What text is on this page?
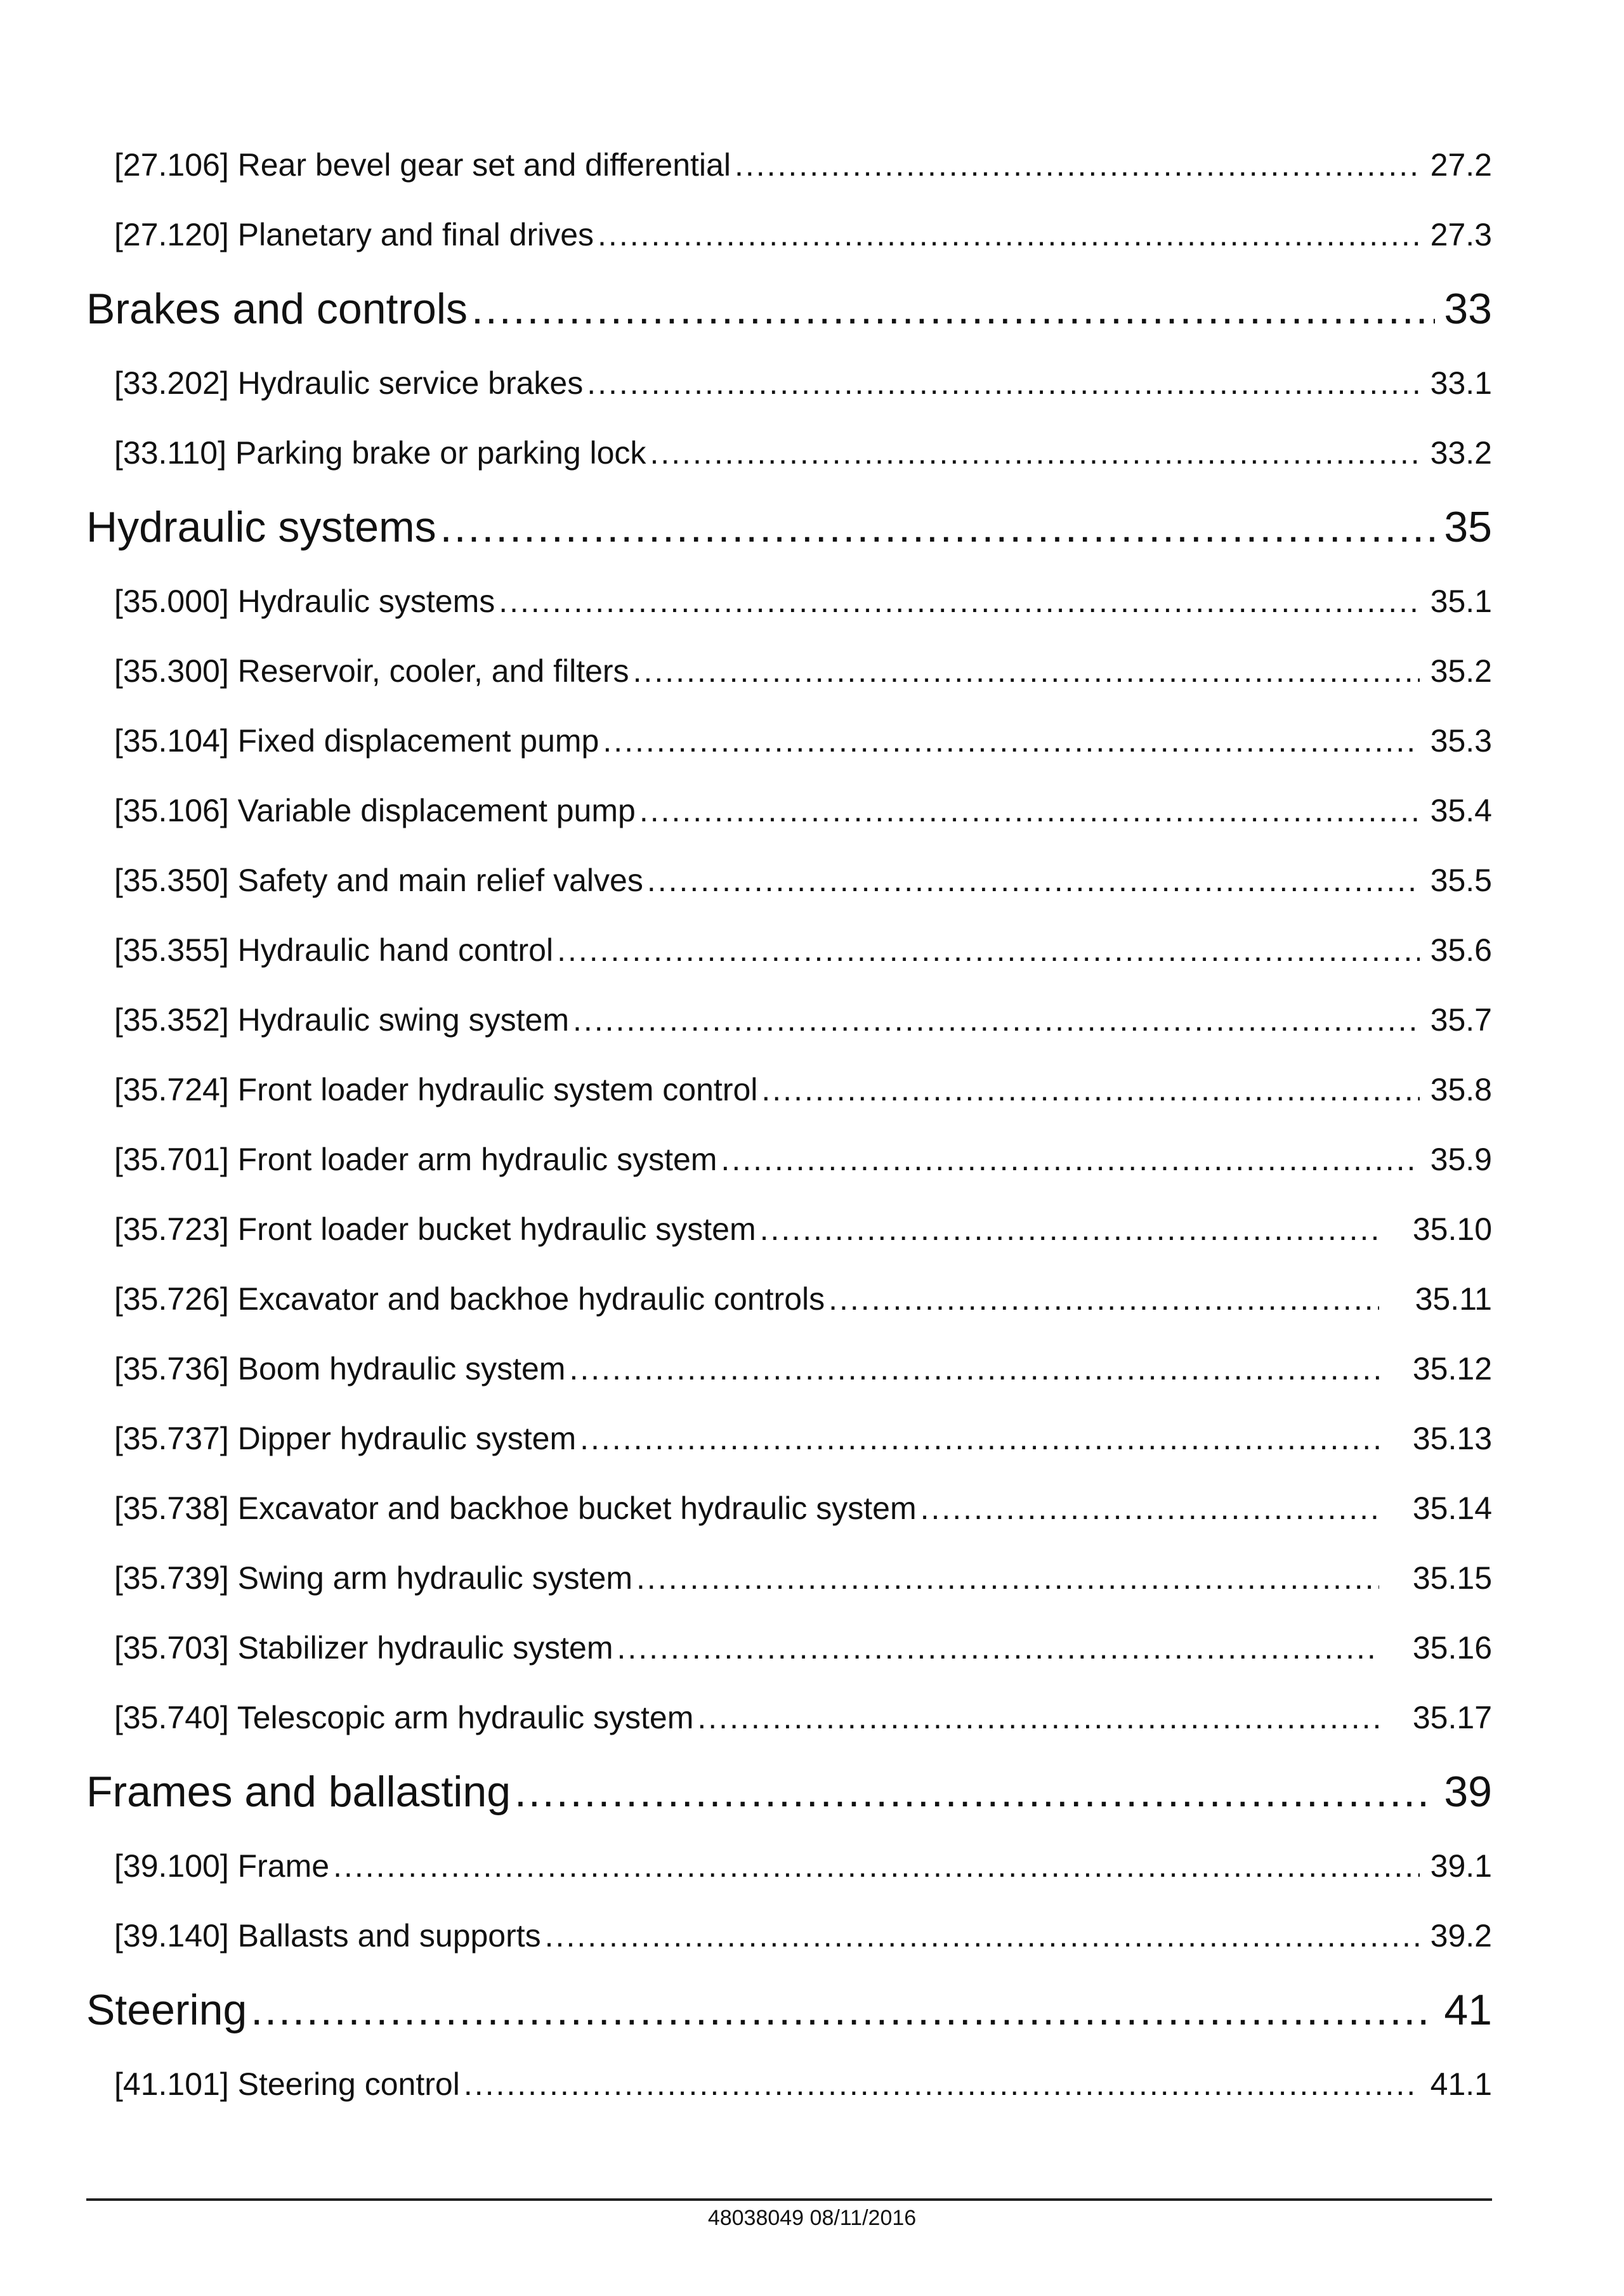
[27.106] Rear bevel gear set and differential .....	27.2
[27.120] Planetary and final drives .....	27.3
Brakes and controls .....	33
[33.202] Hydraulic service brakes .....	33.1
[33.110] Parking brake or parking lock .....	33.2
Hydraulic systems .....	35
[35.000] Hydraulic systems .....	35.1
[35.300] Reservoir, cooler, and filters .....	35.2
[35.104] Fixed displacement pump .....	35.3
[35.106] Variable displacement pump .....	35.4
[35.350] Safety and main relief valves .....	35.5
[35.355] Hydraulic hand control .....	35.6
[35.352] Hydraulic swing system .....	35.7
[35.724] Front loader hydraulic system control .....	35.8
[35.701] Front loader arm hydraulic system .....	35.9
[35.723] Front loader bucket hydraulic system .....	35.10
[35.726] Excavator and backhoe hydraulic controls .....	35.11
[35.736] Boom hydraulic system .....	35.12
[35.737] Dipper hydraulic system .....	35.13
[35.738] Excavator and backhoe bucket hydraulic system .....	35.14
[35.739] Swing arm hydraulic system .....	35.15
[35.703] Stabilizer hydraulic system .....	35.16
[35.740] Telescopic arm hydraulic system .....	35.17
Frames and ballasting .....	39
[39.100] Frame .....	39.1
[39.140] Ballasts and supports .....	39.2
Steering .....	41
[41.101] Steering control .....	41.1
48038049 08/11/2016
